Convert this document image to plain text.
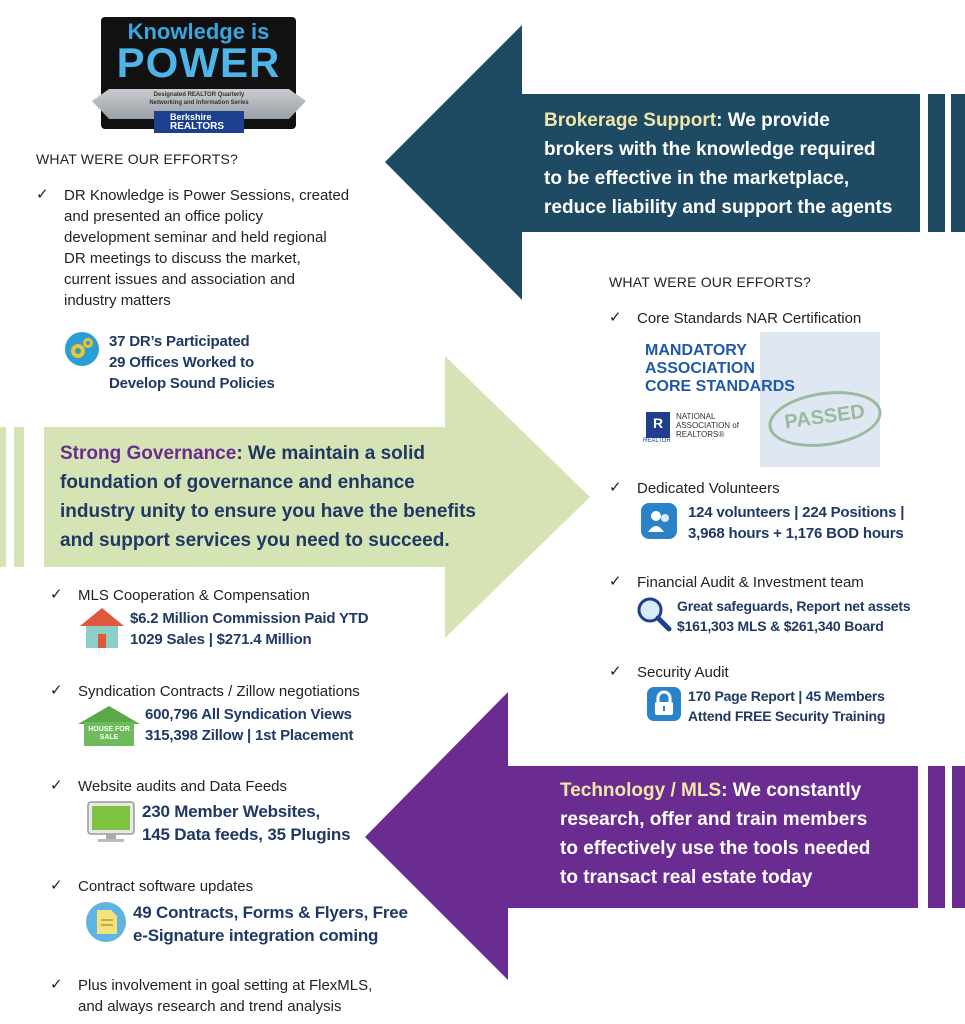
Knowledge is
POWER
Designated REALTOR Quarterly
Networking and Information Series
Berkshire
REALTORS
WHAT WERE OUR EFFORTS?
✓ DR Knowledge is Power Sessions, created
and presented an office policy
development seminar and held regional
DR meetings to discuss the market,
current issues and association and
industry matters
37 DR’s Participated
29 Offices Worked to
Develop Sound Policies
Brokerage Support: We provide
brokers with the knowledge required
to be effective in the marketplace,
reduce liability and support the agents
Strong Governance: We maintain a solid
foundation of governance and enhance
industry unity to ensure you have the benefits
and support services you need to succeed.
WHAT WERE OUR EFFORTS?
✓ Core Standards NAR Certification
MANDATORY
ASSOCIATION
CORE STANDARDS
R
REALTOR
NATIONAL
ASSOCIATION of
REALTORS®
PASSED
✓ Dedicated Volunteers
124 volunteers | 224 Positions |
3,968 hours + 1,176 BOD hours
✓ Financial Audit & Investment team
Great safeguards, Report net assets
$161,303 MLS & $261,340 Board
✓ Security Audit
170 Page Report | 45 Members
Attend FREE Security Training
✓ MLS Cooperation & Compensation
$6.2 Million Commission Paid YTD
1029 Sales | $271.4 Million
✓ Syndication Contracts / Zillow negotiations
HOUSE FOR SALE
600,796 All Syndication Views
315,398 Zillow | 1st Placement
✓ Website audits and Data Feeds
230 Member Websites,
145 Data feeds, 35 Plugins
✓ Contract software updates
49 Contracts, Forms & Flyers, Free
e-Signature integration coming
✓ Plus involvement in goal setting at FlexMLS,
and always research and trend analysis
Technology / MLS: We constantly
research, offer and train members
to effectively use the tools needed
to transact real estate today
